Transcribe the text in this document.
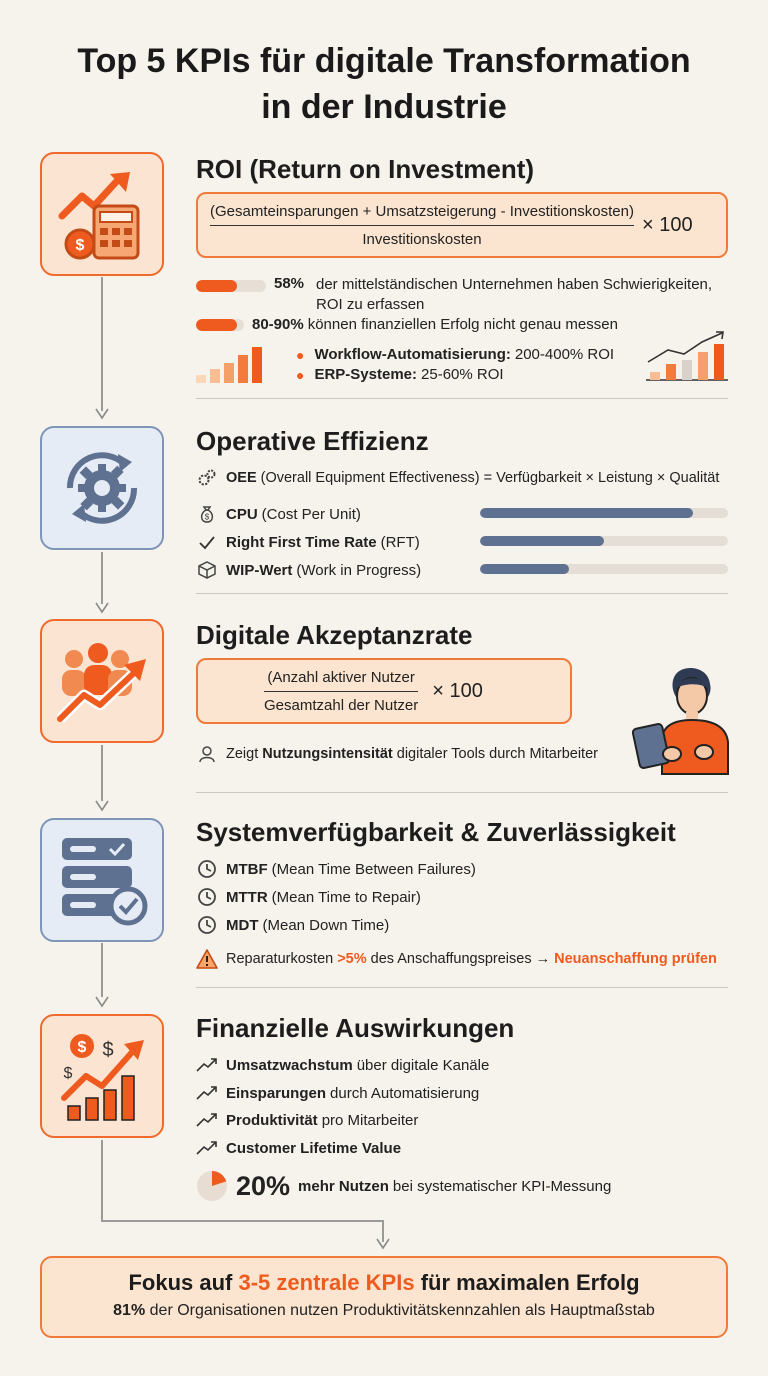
Top 5 KPIs für digitale Transformation
in der Industrie
$
ROI (Return on Investment)
$\frac{\text{(Gesamteinsparungen + Umsatzsteigerung - Investitionskosten)}}{\text{Investitionskosten}} \times 100$
58% der mittelständischen Unternehmen haben Schwierigkeiten,
ROI zu erfassen
80-90% können finanziellen Erfolg nicht genau messen
● Workflow-Automatisierung: 200-400% ROI
● ERP-Systeme: 25-60% ROI
Operative Effizienz
OEE (Overall Equipment Effectiveness) = Verfügbarkeit × Leistung × Qualität
$ CPU (Cost Per Unit)
Right First Time Rate (RFT)
WIP-Wert (Work in Progress)
Digitale Akzeptanzrate
$\frac{\text{(Anzahl aktiver Nutzer}}{\text{Gesamtzahl der Nutzer}} \times 100$
Zeigt Nutzungsintensität digitaler Tools durch Mitarbeiter
Systemverfügbarkeit & Zuverlässigkeit
MTBF (Mean Time Between Failures)
MTTR (Mean Time to Repair)
MDT (Mean Down Time)
Reparaturkosten >5% des Anschaffungspreises → Neuanschaffung prüfen
$ $
$
Finanzielle Auswirkungen
Umsatzwachstum über digitale Kanäle
Einsparungen durch Automatisierung
Produktivität pro Mitarbeiter
Customer Lifetime Value
20% mehr Nutzen bei systematischer KPI-Messung
Fokus auf 3-5 zentrale KPIs für maximalen Erfolg
81% der Organisationen nutzen Produktivitätskennzahlen als Hauptmaßstab
